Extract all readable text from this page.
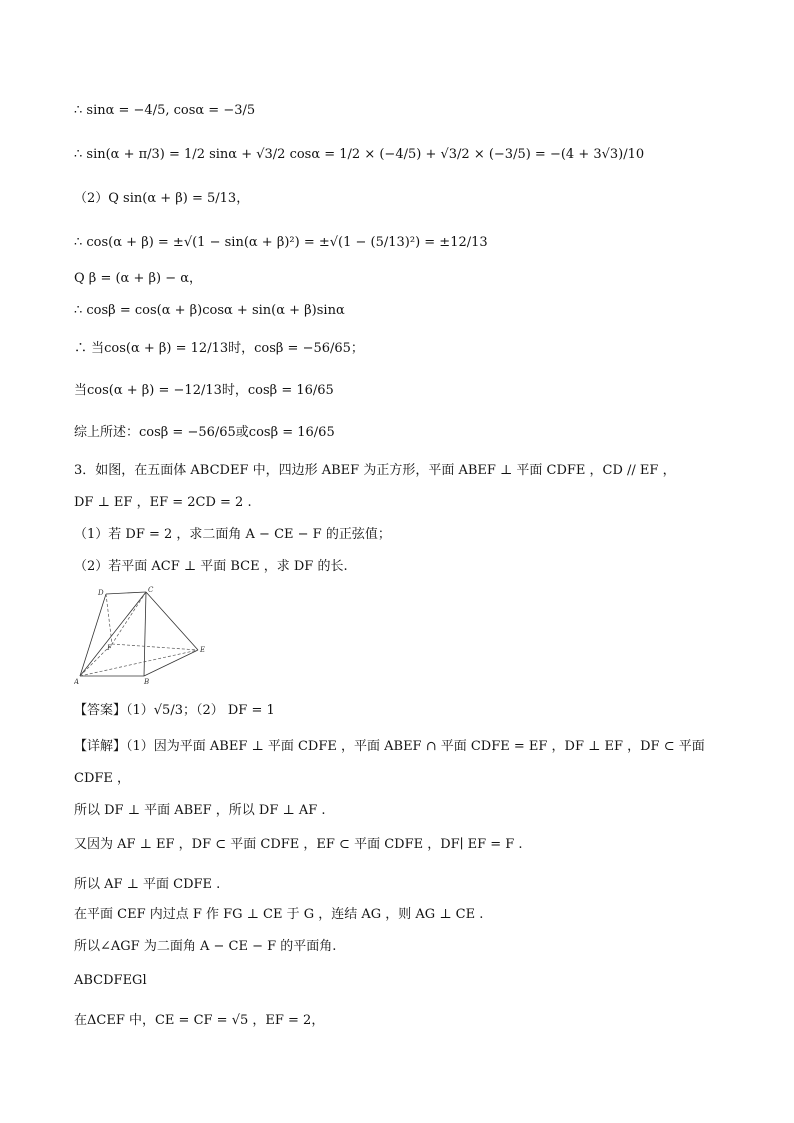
∴ sinα = −4/5, cosα = −3/5
∴ sin(α + π/3) = 1/2 sinα + √3/2 cosα = 1/2 × (−4/5) + √3/2 × (−3/5) = −(4 + 3√3)/10
（2）Q sin(α + β) = 5/13，
∴ cos(α + β) = ±√(1 − sin(α + β)²) = ±√(1 − (5/13)²) = ±12/13
Q β = (α + β) − α，
∴ cosβ = cos(α + β)cosα + sin(α + β)sinα
∴ 当cos(α + β) = 12/13时，cosβ = −56/65；
当cos(α + β) = −12/13时，cosβ = 16/65
综上所述：cosβ = −56/65或cosβ = 16/65
3．如图，在五面体 ABCDEF 中，四边形 ABEF 为正方形，平面 ABEF ⊥ 平面 CDFE ，CD // EF ，
DF ⊥ EF ，EF = 2CD = 2 .
（1）若 DF = 2 ，求二面角 A − CE − F 的正弦值；
（2）若平面 ACF ⊥ 平面 BCE ，求 DF 的长.
A	B
C
D
E
F
【答案】（1）√5/3；（2） DF = 1
【详解】（1）因为平面 ABEF ⊥ 平面 CDFE ，平面 ABEF ∩ 平面 CDFE = EF ，DF ⊥ EF ，DF ⊂ 平面
CDFE ，
所以 DF ⊥ 平面 ABEF ，所以 DF ⊥ AF .
又因为 AF ⊥ EF ，DF ⊂ 平面 CDFE ，EF ⊂ 平面 CDFE ，DF∣ EF = F .
所以 AF ⊥ 平面 CDFE .
在平面 CEF 内过点 F 作 FG ⊥ CE 于 G ，连结 AG ，则 AG ⊥ CE .
所以∠AGF 为二面角 A − CE − F 的平面角.
ABCDFEGl
在ΔCEF 中，CE = CF = √5 ，EF = 2，
